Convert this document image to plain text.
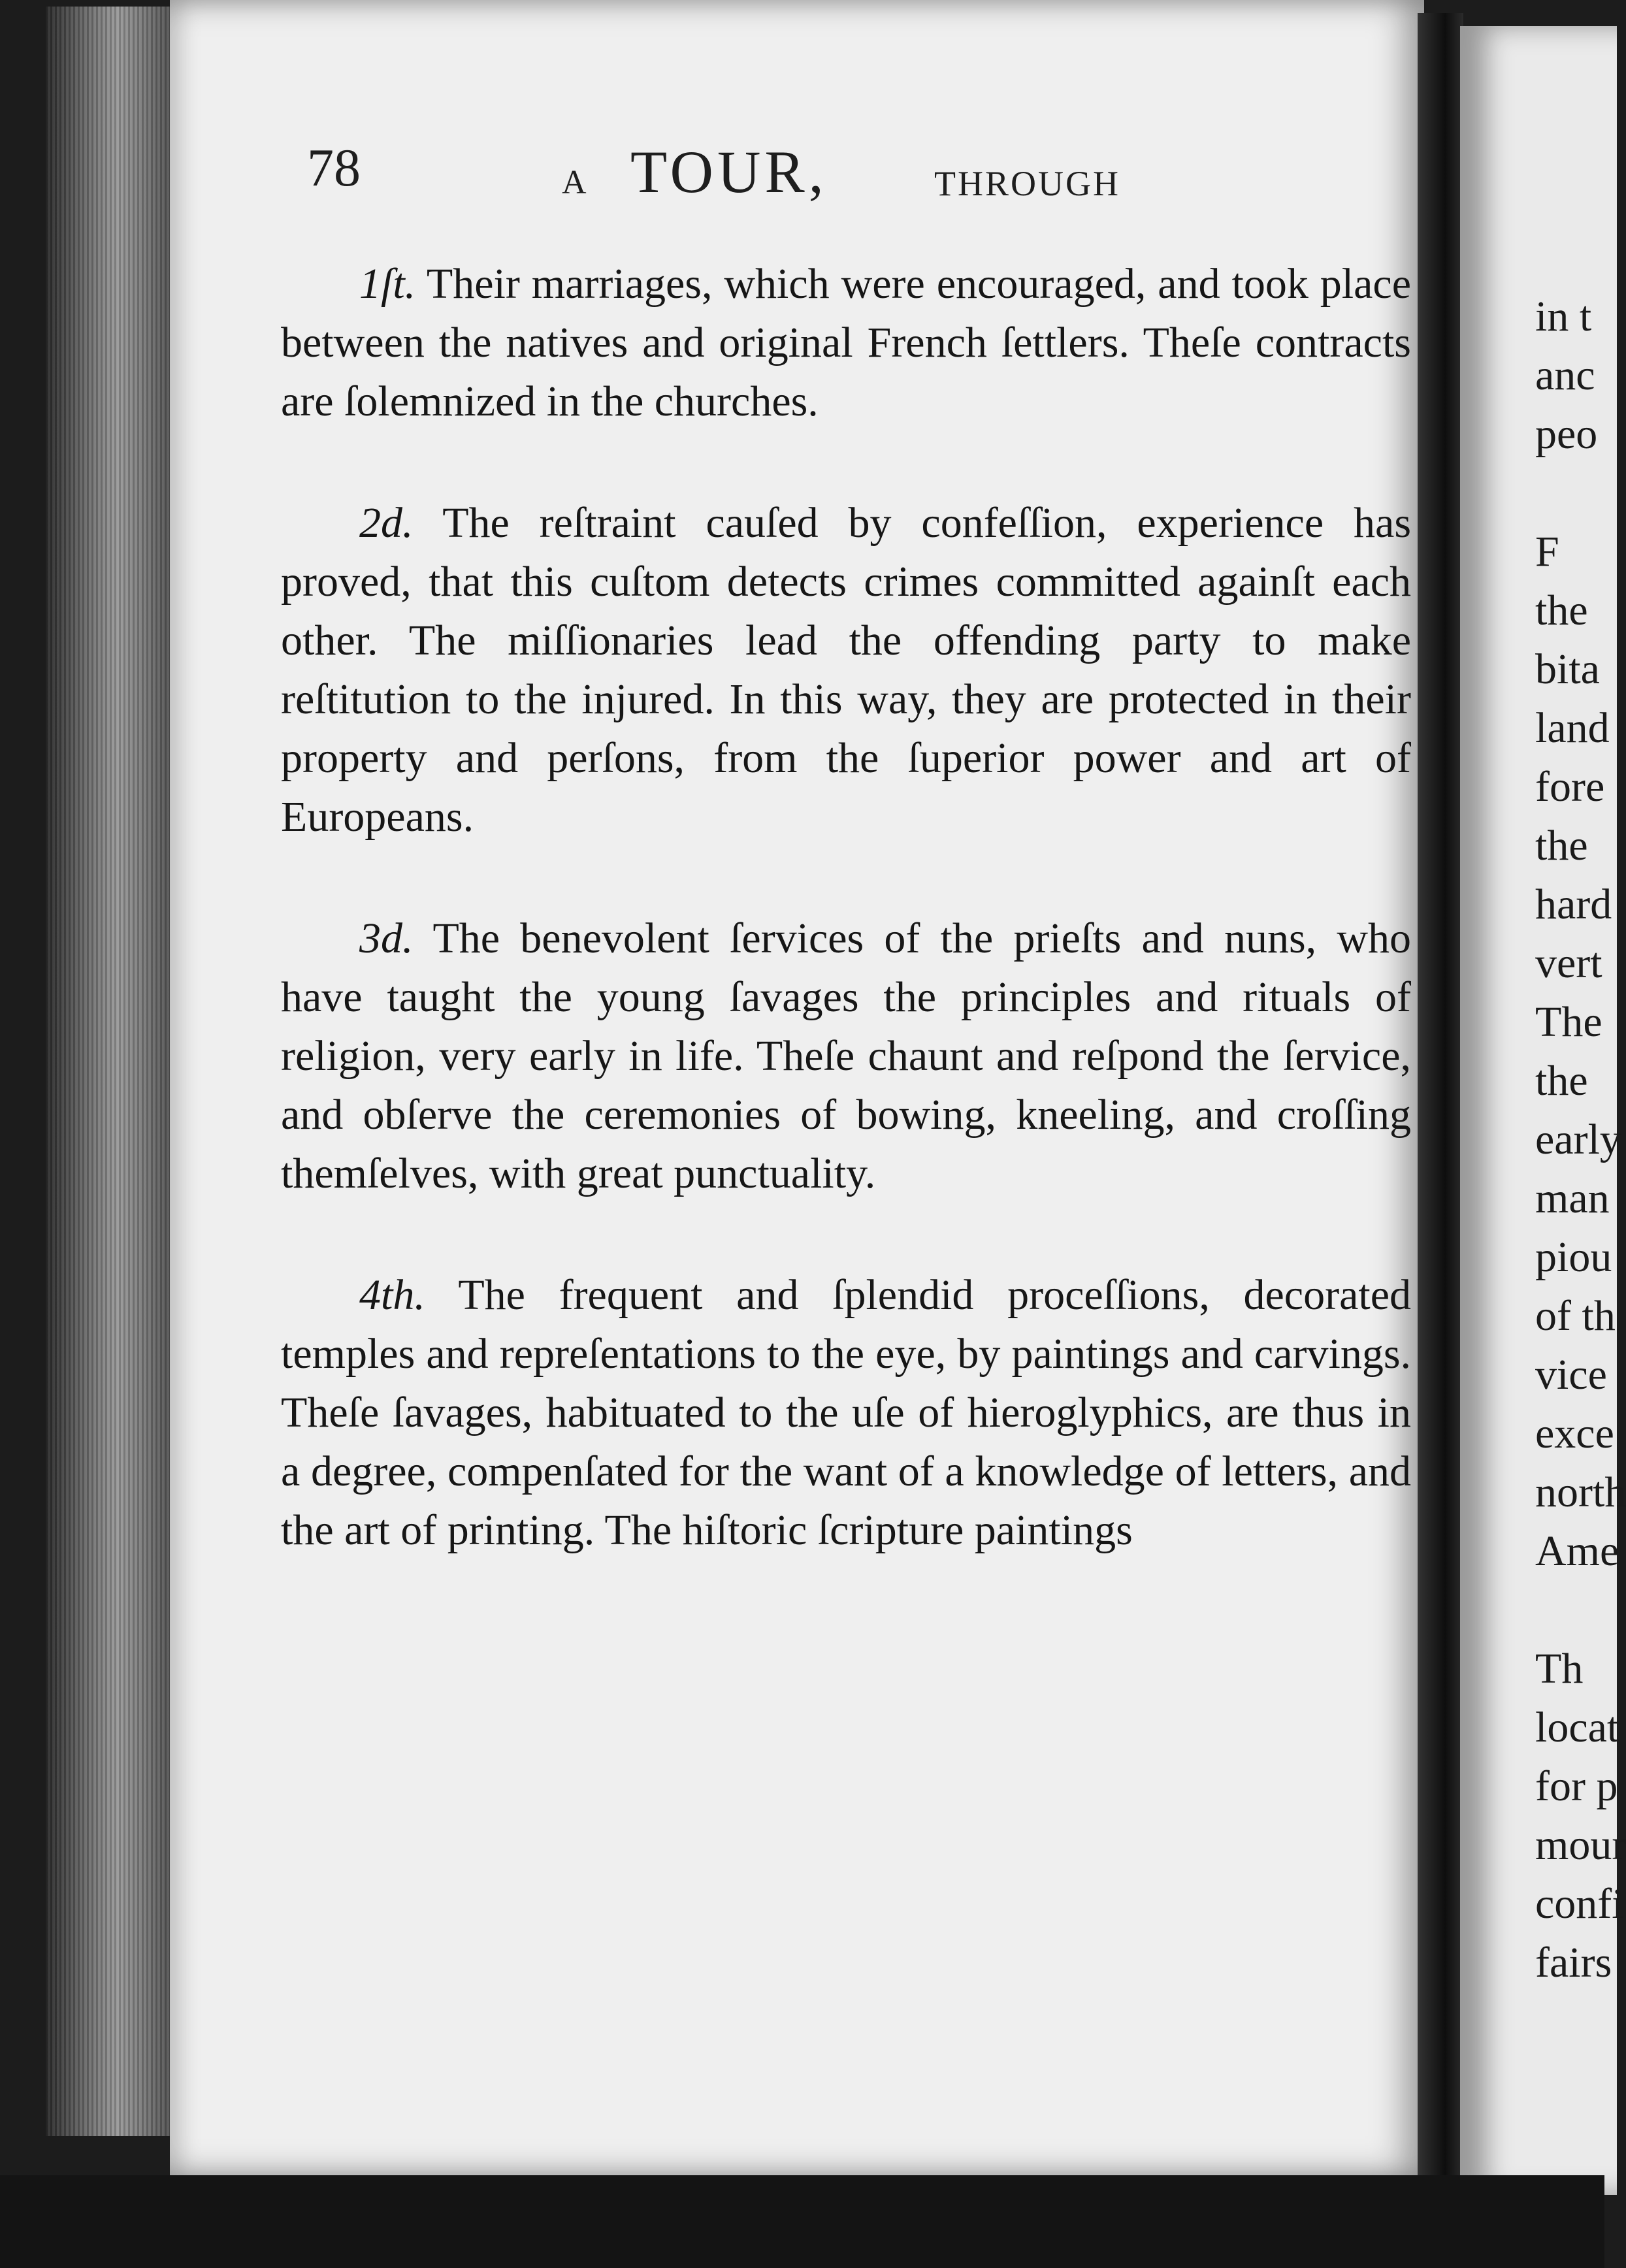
78	A TOUR,	THROUGH

1ſt. Their marriages, which were encouraged, and took place between the natives and original French ſettlers. Theſe contracts are ſolemnized in the churches.

2d. The reſtraint cauſed by confeſſion, experience has proved, that this cuſtom detects crimes committed againſt each other. The miſſionaries lead the offending party to make reſtitution to the injured. In this way, they are protected in their property and perſons, from the ſuperior power and art of Europeans.

3d. The benevolent ſervices of the prieſts and nuns, who have taught the young ſavages the principles and rituals of religion, very early in life. Theſe chaunt and reſpond the ſervice, and obſerve the ceremonies of bowing, kneeling, and croſſing themſelves, with great punctuality.

4th. The frequent and ſplendid proceſſions, decorated temples and repreſentations to the eye, by paintings and carvings. Theſe ſavages, habituated to the uſe of hieroglyphics, are thus in a degree, compenſated for the want of a knowledge of letters, and the art of printing. The hiſtoric ſcripture paintings

in t
anc
peo
F
the
bita
land
fore
the
hard
vert
The
the
early
man
piou
of th
vice
exce
north
Ame
Th
locat
for p
mour
confi
fairs
